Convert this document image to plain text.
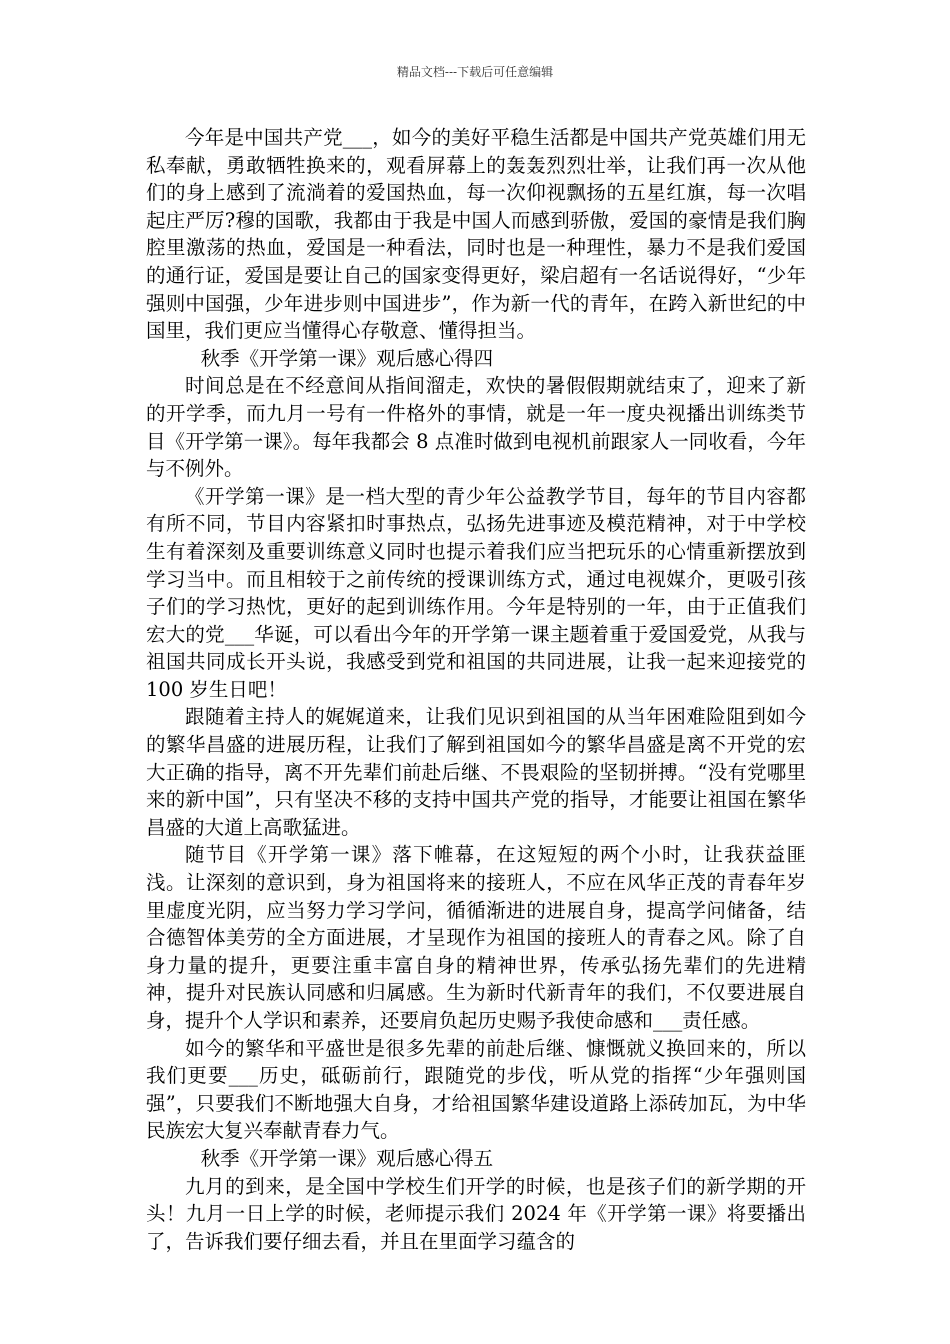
精品文档---下载后可任意编辑

今年是中国共产党___，如今的美好平稳生活都是中国共产党英雄们用无私奉献，勇敢牺牲换来的，观看屏幕上的轰轰烈烈壮举，让我们再一次从他们的身上感到了流淌着的爱国热血，每一次仰视飘扬的五星红旗，每一次唱起庄严厉?穆的国歌，我都由于我是中国人而感到骄傲，爱国的豪情是我们胸腔里激荡的热血，爱国是一种看法，同时也是一种理性，暴力不是我们爱国的通行证，爱国是要让自己的国家变得更好，梁启超有一名话说得好，“少年强则中国强，少年进步则中国进步”，作为新一代的青年，在跨入新世纪的中国里，我们更应当懂得心存敬意、懂得担当。

秋季《开学第一课》观后感心得四

时间总是在不经意间从指间溜走，欢快的暑假假期就结束了，迎来了新的开学季，而九月一号有一件格外的事情，就是一年一度央视播出训练类节目《开学第一课》。每年我都会 8 点准时做到电视机前跟家人一同收看，今年与不例外。

《开学第一课》是一档大型的青少年公益教学节目，每年的节目内容都有所不同，节目内容紧扣时事热点，弘扬先进事迹及模范精神，对于中学校生有着深刻及重要训练意义同时也提示着我们应当把玩乐的心情重新摆放到学习当中。而且相较于之前传统的授课训练方式，通过电视媒介，更吸引孩子们的学习热忱，更好的起到训练作用。今年是特别的一年，由于正值我们宏大的党___华诞，可以看出今年的开学第一课主题着重于爱国爱党，从我与祖国共同成长开头说，我感受到党和祖国的共同进展，让我一起来迎接党的 100 岁生日吧！

跟随着主持人的娓娓道来，让我们见识到祖国的从当年困难险阻到如今的繁华昌盛的进展历程，让我们了解到祖国如今的繁华昌盛是离不开党的宏大正确的指导，离不开先辈们前赴后继、不畏艰险的坚韧拼搏。“没有党哪里来的新中国”，只有坚决不移的支持中国共产党的指导，才能要让祖国在繁华昌盛的大道上高歌猛进。

随节目《开学第一课》落下帷幕，在这短短的两个小时，让我获益匪浅。让深刻的意识到，身为祖国将来的接班人，不应在风华正茂的青春年岁里虚度光阴，应当努力学习学问，循循渐进的进展自身，提高学问储备，结合德智体美劳的全方面进展，才呈现作为祖国的接班人的青春之风。除了自身力量的提升，更要注重丰富自身的精神世界，传承弘扬先辈们的先进精神，提升对民族认同感和归属感。生为新时代新青年的我们，不仅要进展自身，提升个人学识和素养，还要肩负起历史赐予我使命感和___责任感。

如今的繁华和平盛世是很多先辈的前赴后继、慷慨就义换回来的，所以我们更要___历史，砥砺前行，跟随党的步伐，听从党的指挥“少年强则国强”，只要我们不断地强大自身，才给祖国繁华建设道路上添砖加瓦，为中华民族宏大复兴奉献青春力气。

秋季《开学第一课》观后感心得五

九月的到来，是全国中学校生们开学的时候，也是孩子们的新学期的开头！九月一日上学的时候，老师提示我们 2024 年《开学第一课》将要播出了，告诉我们要仔细去看，并且在里面学习蕴含的
